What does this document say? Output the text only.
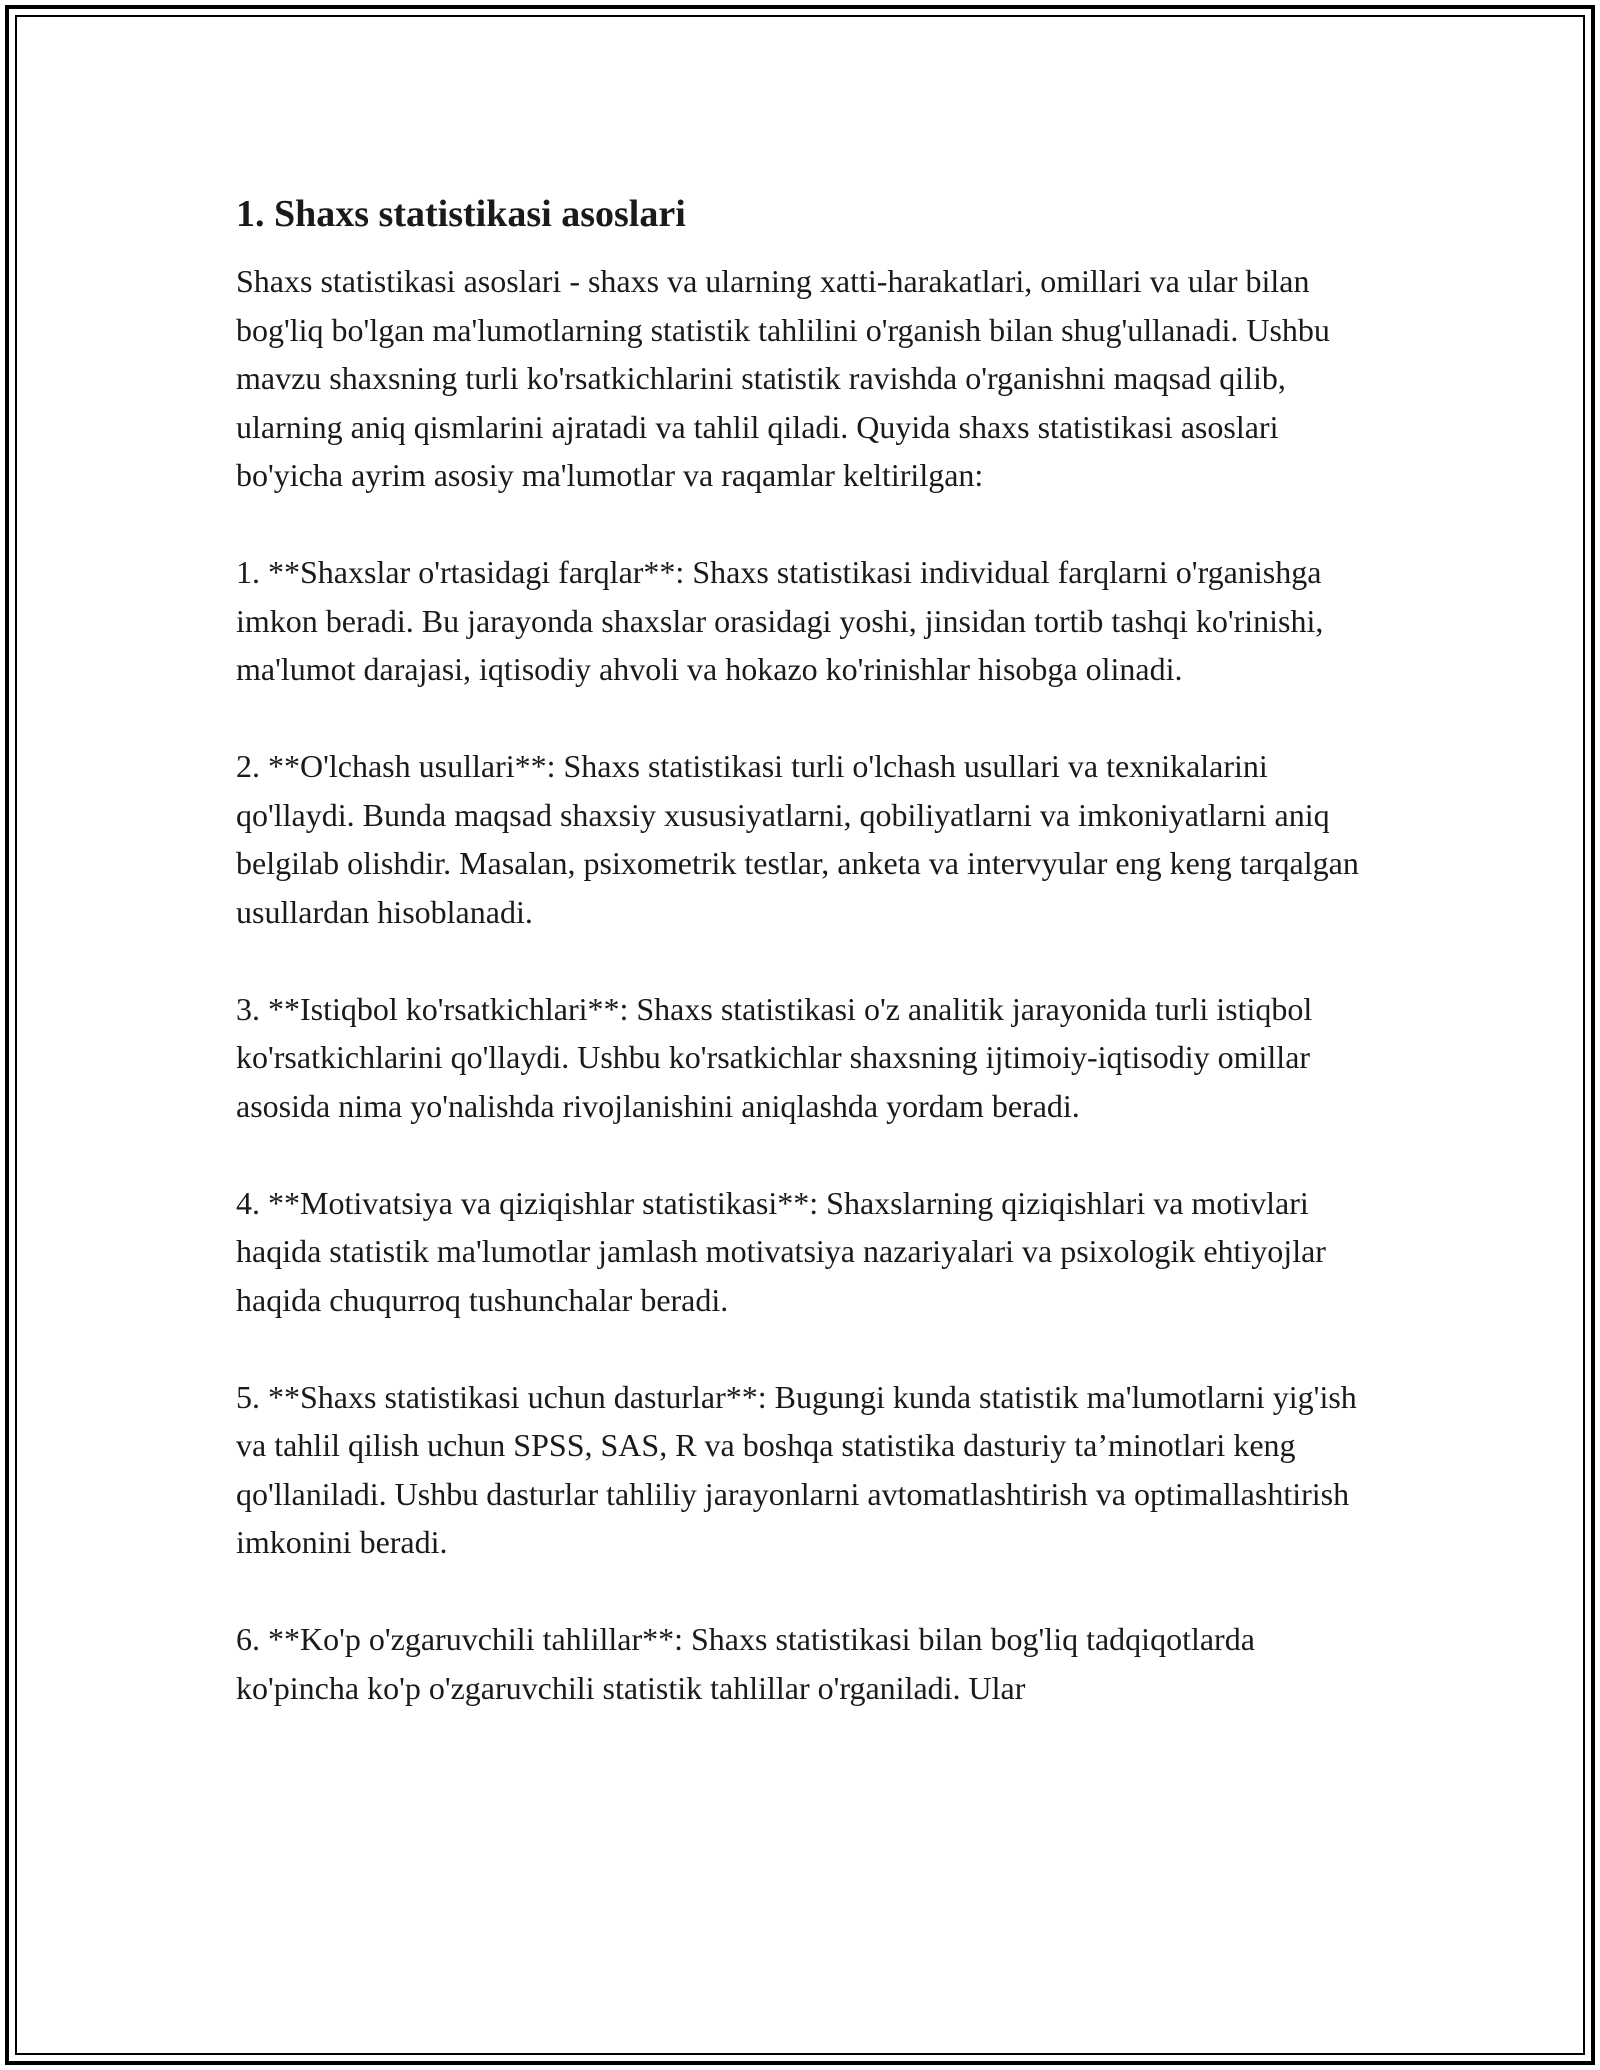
1. Shaxs statistikasi asoslari

Shaxs statistikasi asoslari - shaxs va ularning xatti-harakatlari, omillari va ular bilan bog'liq bo'lgan ma'lumotlarning statistik tahlilini o'rganish bilan shug'ullanadi. Ushbu mavzu shaxsning turli ko'rsatkichlarini statistik ravishda o'rganishni maqsad qilib, ularning aniq qismlarini ajratadi va tahlil qiladi. Quyida shaxs statistikasi asoslari bo'yicha ayrim asosiy ma'lumotlar va raqamlar keltirilgan:

1. **Shaxslar o'rtasidagi farqlar**: Shaxs statistikasi individual farqlarni o'rganishga imkon beradi. Bu jarayonda shaxslar orasidagi yoshi, jinsidan tortib tashqi ko'rinishi, ma'lumot darajasi, iqtisodiy ahvoli va hokazo ko'rinishlar hisobga olinadi.

2. **O'lchash usullari**: Shaxs statistikasi turli o'lchash usullari va texnikalarini qo'llaydi. Bunda maqsad shaxsiy xususiyatlarni, qobiliyatlarni va imkoniyatlarni aniq belgilab olishdir. Masalan, psixometrik testlar, anketa va intervyular eng keng tarqalgan usullardan hisoblanadi.

3. **Istiqbol ko'rsatkichlari**: Shaxs statistikasi o'z analitik jarayonida turli istiqbol ko'rsatkichlarini qo'llaydi. Ushbu ko'rsatkichlar shaxsning ijtimoiy-iqtisodiy omillar asosida nima yo'nalishda rivojlanishini aniqlashda yordam beradi.

4. **Motivatsiya va qiziqishlar statistikasi**: Shaxslarning qiziqishlari va motivlari haqida statistik ma'lumotlar jamlash motivatsiya nazariyalari va psixologik ehtiyojlar haqida chuqurroq tushunchalar beradi.

5. **Shaxs statistikasi uchun dasturlar**: Bugungi kunda statistik ma'lumotlarni yig'ish va tahlil qilish uchun SPSS, SAS, R va boshqa statistika dasturiy ta’minotlari keng qo'llaniladi. Ushbu dasturlar tahliliy jarayonlarni avtomatlashtirish va optimallashtirish imkonini beradi.

6. **Ko'p o'zgaruvchili tahlillar**: Shaxs statistikasi bilan bog'liq tadqiqotlarda ko'pincha ko'p o'zgaruvchili statistik tahlillar o'rganiladi. Ular
